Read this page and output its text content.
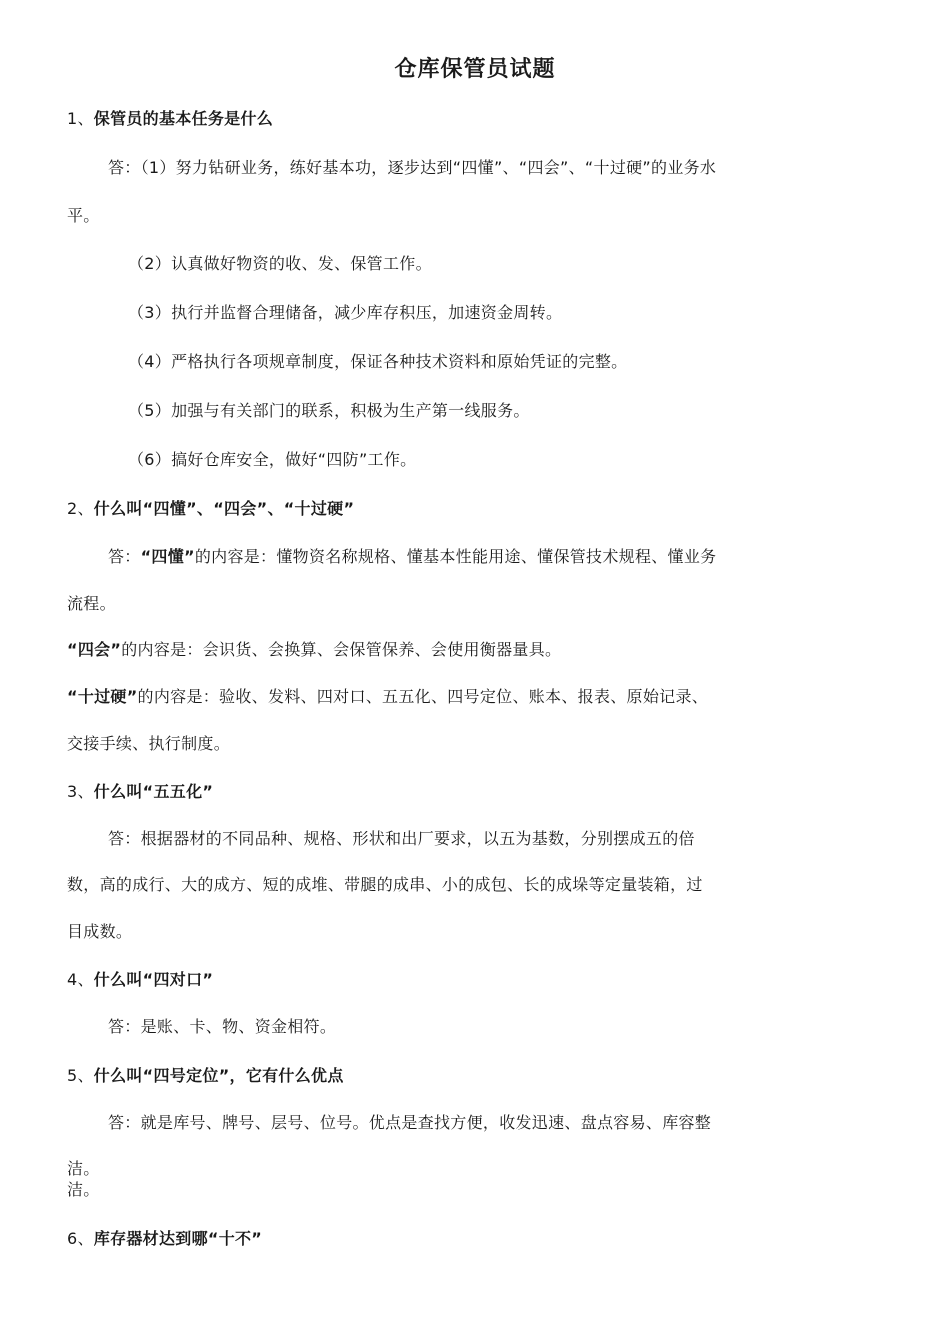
仓库保管员试题
1、保管员的基本任务是什么
答：（1）努力钻研业务，练好基本功，逐步达到“四懂”、“四会”、“十过硬”的业务水
平。
（2）认真做好物资的收、发、保管工作。
（3）执行并监督合理储备，减少库存积压，加速资金周转。
（4）严格执行各项规章制度，保证各种技术资料和原始凭证的完整。
（5）加强与有关部门的联系，积极为生产第一线服务。
（6）搞好仓库安全，做好“四防”工作。
2、什么叫“四懂”、“四会”、“十过硬”
答：“四懂”的内容是：懂物资名称规格、懂基本性能用途、懂保管技术规程、懂业务
流程。
“四会”的内容是：会识货、会换算、会保管保养、会使用衡器量具。
“十过硬”的内容是：验收、发料、四对口、五五化、四号定位、账本、报表、原始记录、
交接手续、执行制度。
3、什么叫“五五化”
答：根据器材的不同品种、规格、形状和出厂要求，以五为基数，分别摆成五的倍
数，高的成行、大的成方、短的成堆、带腿的成串、小的成包、长的成垛等定量装箱，过
目成数。
4、什么叫“四对口”
答：是账、卡、物、资金相符。
5、什么叫“四号定位”，它有什么优点
答：就是库号、牌号、层号、位号。优点是查找方便，收发迅速、盘点容易、库容整
洁。
洁。
6、库存器材达到哪“十不”
